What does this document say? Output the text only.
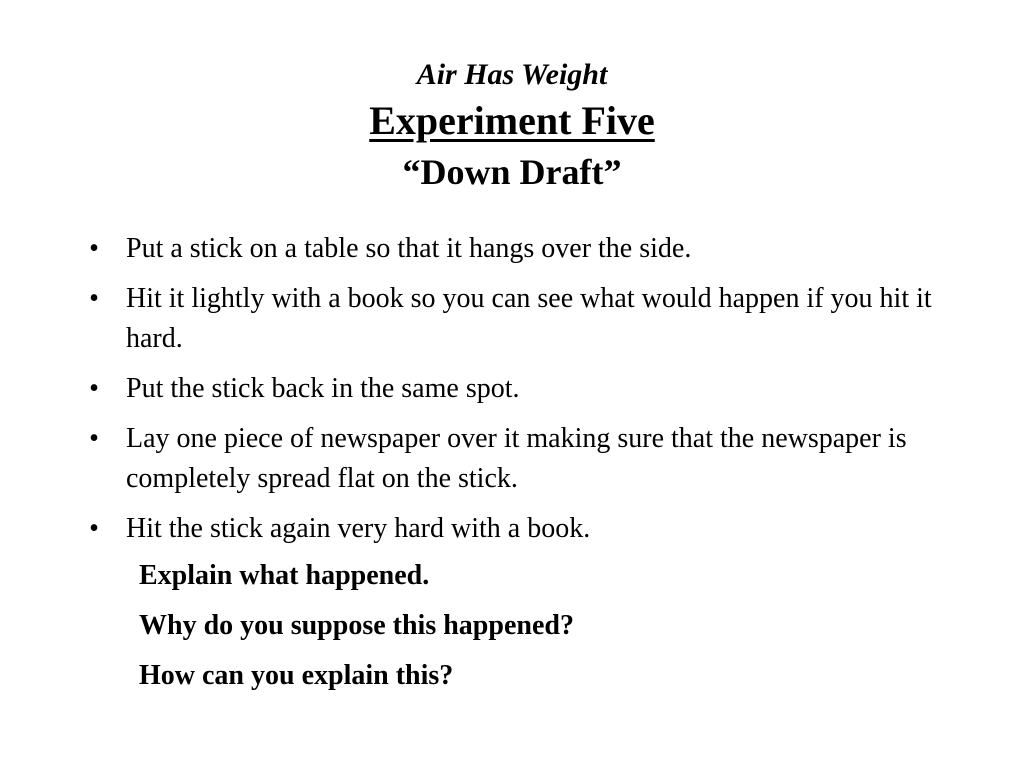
Air Has Weight
Experiment Five
“Down Draft”
• Put a stick on a table so that it hangs over the side.
• Hit it lightly with a book so you can see what would happen if you hit it hard.
• Put the stick back in the same spot.
• Lay one piece of newspaper over it making sure that the newspaper is completely spread flat on the stick.
• Hit the stick again very hard with a book.
Explain what happened.
Why do you suppose this happened?
How can you explain this?
